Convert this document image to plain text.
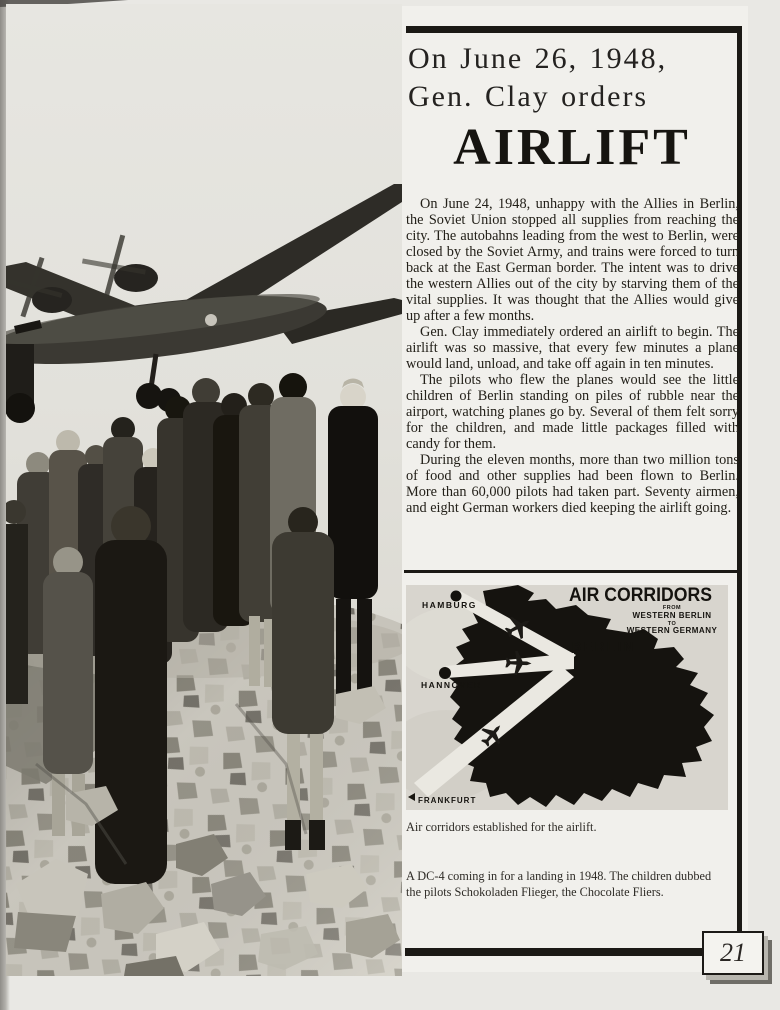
On June 26, 1948,
Gen. Clay orders
AIRLIFT

On June 24, 1948, unhappy with the Allies in Berlin, the Soviet Union stopped all supplies from reaching the city. The autobahns leading from the west to Berlin, were closed by the Soviet Army, and trains were forced to turn back at the East German border. The intent was to drive the western Allies out of the city by starving them of the vital supplies. It was thought that the Allies would give up after a few months.

Gen. Clay immediately ordered an airlift to begin. The airlift was so massive, that every few minutes a plane would land, unload, and take off again in ten minutes.

The pilots who flew the planes would see the little children of Berlin standing on piles of rubble near the airport, watching planes go by. Several of them felt sorry for the children, and made little packages filled with candy for them.

During the eleven months, more than two million tons of food and other supplies had been flown to Berlin. More than 60,000 pilots had taken part. Seventy airmen, and eight German workers died keeping the airlift going.

HAMBURG
HANNOVER
BERLIN
FRANKFURT
AIR CORRIDORS
FROM
WESTERN BERLIN
TO
WESTERN GERMANY

Air corridors established for the airlift.

A DC-4 coming in for a landing in 1948. The children dubbed the pilots Schokoladen Flieger, the Chocolate Fliers.

21
